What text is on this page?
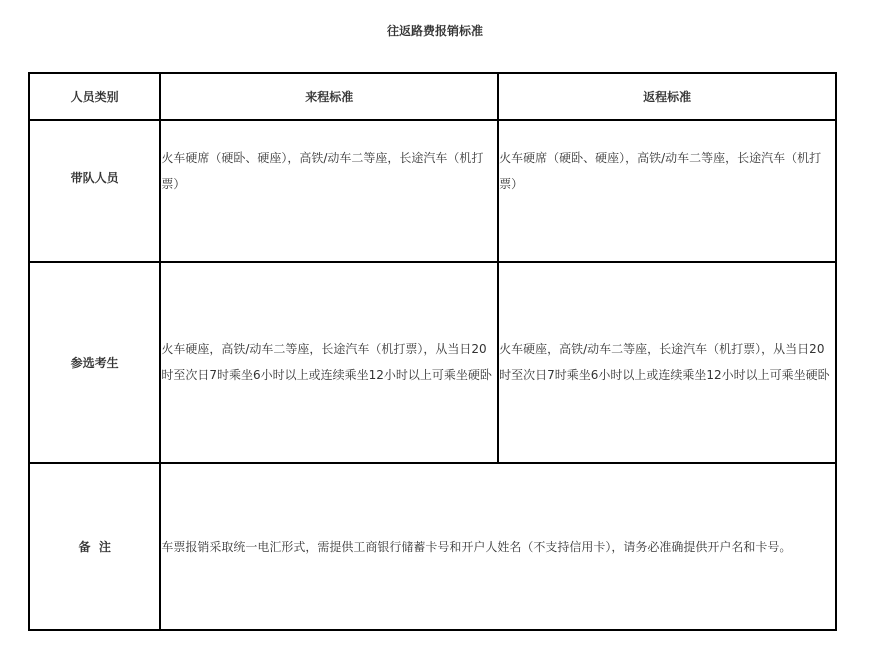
往返路费报销标准
人员类别	来程标准	返程标准

带队人员	火车硬席（硬卧、硬座），高铁/动车二等座，长途汽车（机打票）	火车硬席（硬卧、硬座），高铁/动车二等座，长途汽车（机打票）

参选考生	火车硬座，高铁/动车二等座，长途汽车（机打票），从当日20时至次日7时乘坐6小时以上或连续乘坐12小时以上可乘坐硬卧	火车硬座，高铁/动车二等座，长途汽车（机打票），从当日20时至次日7时乘坐6小时以上或连续乘坐12小时以上可乘坐硬卧

备  注	车票报销采取统一电汇形式，需提供工商银行储蓄卡号和开户人姓名（不支持信用卡），请务必准确提供开户名和卡号。	
